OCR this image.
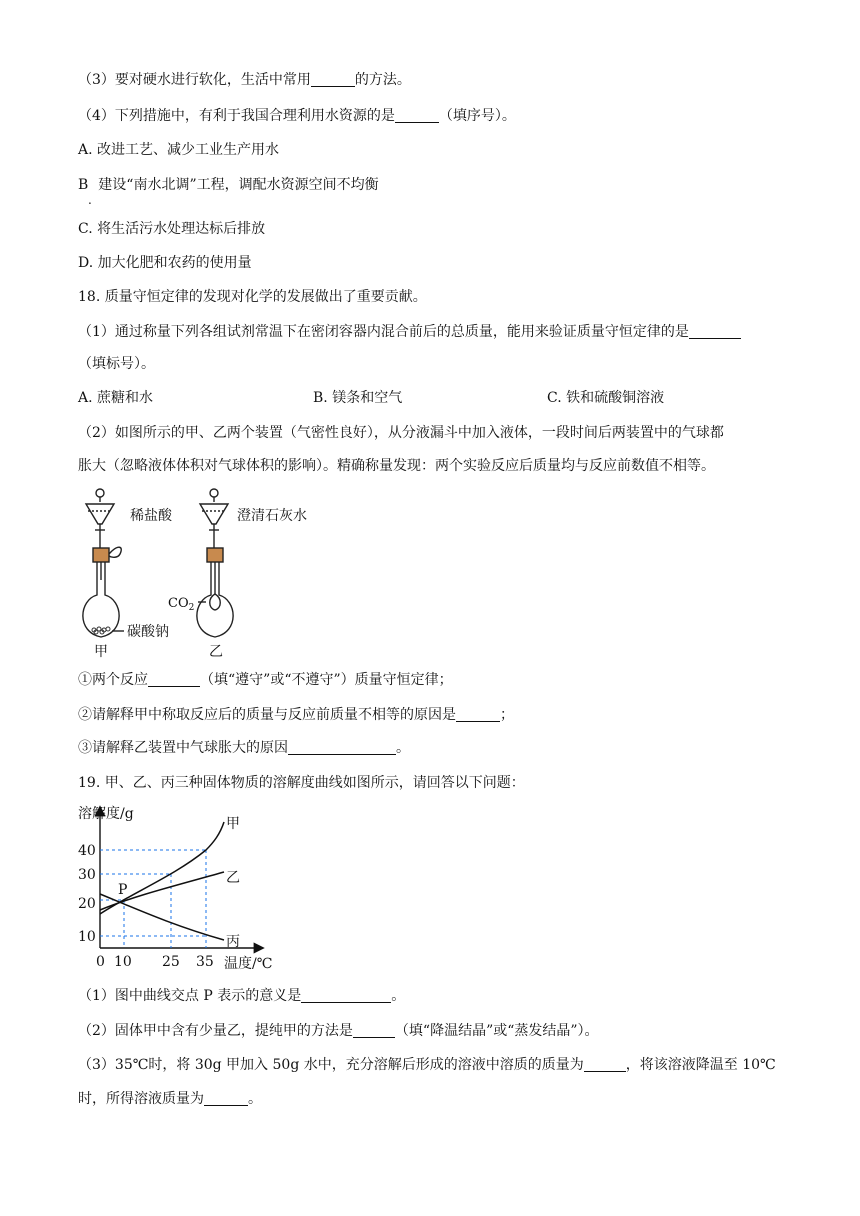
（3）要对硬水进行软化，生活中常用	的方法。
（4）下列措施中，有利于我国合理利用水资源的是	（填序号）。
A. 改进工艺、减少工业生产用水
B 建设“南水北调”工程，调配水资源空间不均衡
.
C. 将生活污水处理达标后排放
D. 加大化肥和农药的使用量
18. 质量守恒定律的发现对化学的发展做出了重要贡献。
（1）通过称量下列各组试剂常温下在密闭容器内混合前后的总质量，能用来验证质量守恒定律的是
（填标号）。
A. 蔗糖和水	B. 镁条和空气	C. 铁和硫酸铜溶液
（2）如图所示的甲、乙两个装置（气密性良好），从分液漏斗中加入液体，一段时间后两装置中的气球都
胀大（忽略液体体积对气球体积的影响）。精确称量发现：两个实验反应后质量均与反应前数值不相等。
稀盐酸
碳酸钠
甲
澄清石灰水
$CO_2$
乙
①两个反应	（填“遵守”或“不遵守”）质量守恒定律；
②请解释甲中称取反应后的质量与反应前质量不相等的原因是	；
③请解释乙装置中气球胀大的原因	。
19. 甲、乙、丙三种固体物质的溶解度曲线如图所示，请回答以下问题：
溶解度/g
40
30
20
10
0 10 25 35 温度/℃
P
甲
乙
丙
（1）图中曲线交点 P 表示的意义是	。
（2）固体甲中含有少量乙，提纯甲的方法是	（填“降温结晶”或“蒸发结晶”）。
（3）35℃时，将 30g 甲加入 50g 水中，充分溶解后形成的溶液中溶质的质量为	，将该溶液降温至 10℃
时，所得溶液质量为	。
